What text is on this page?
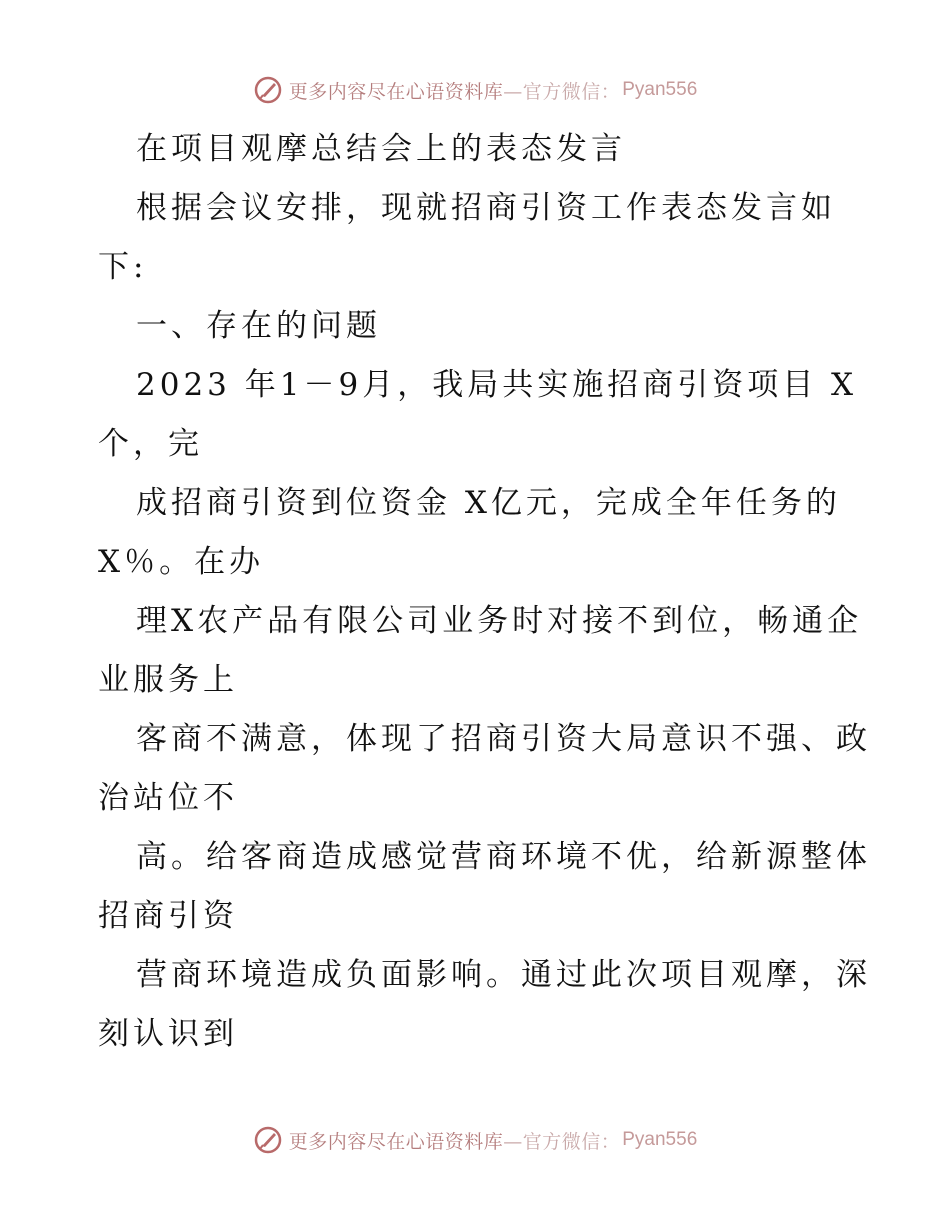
更多内容尽在心语资料库—官方微信： Pyan556
在项目观摩总结会上的表态发言
根据会议安排，现就招商引资工作表态发言如
下:
一、存在的问题
2023 年1－9月，我局共实施招商引资项目 X
个，完
成招商引资到位资金 X亿元，完成全年任务的
X％。在办
理X农产品有限公司业务时对接不到位，畅通企
业服务上
客商不满意，体现了招商引资大局意识不强、政
治站位不
高。给客商造成感觉营商环境不优，给新源整体
招商引资
营商环境造成负面影响。通过此次项目观摩，深
刻认识到
更多内容尽在心语资料库—官方微信： Pyan556
